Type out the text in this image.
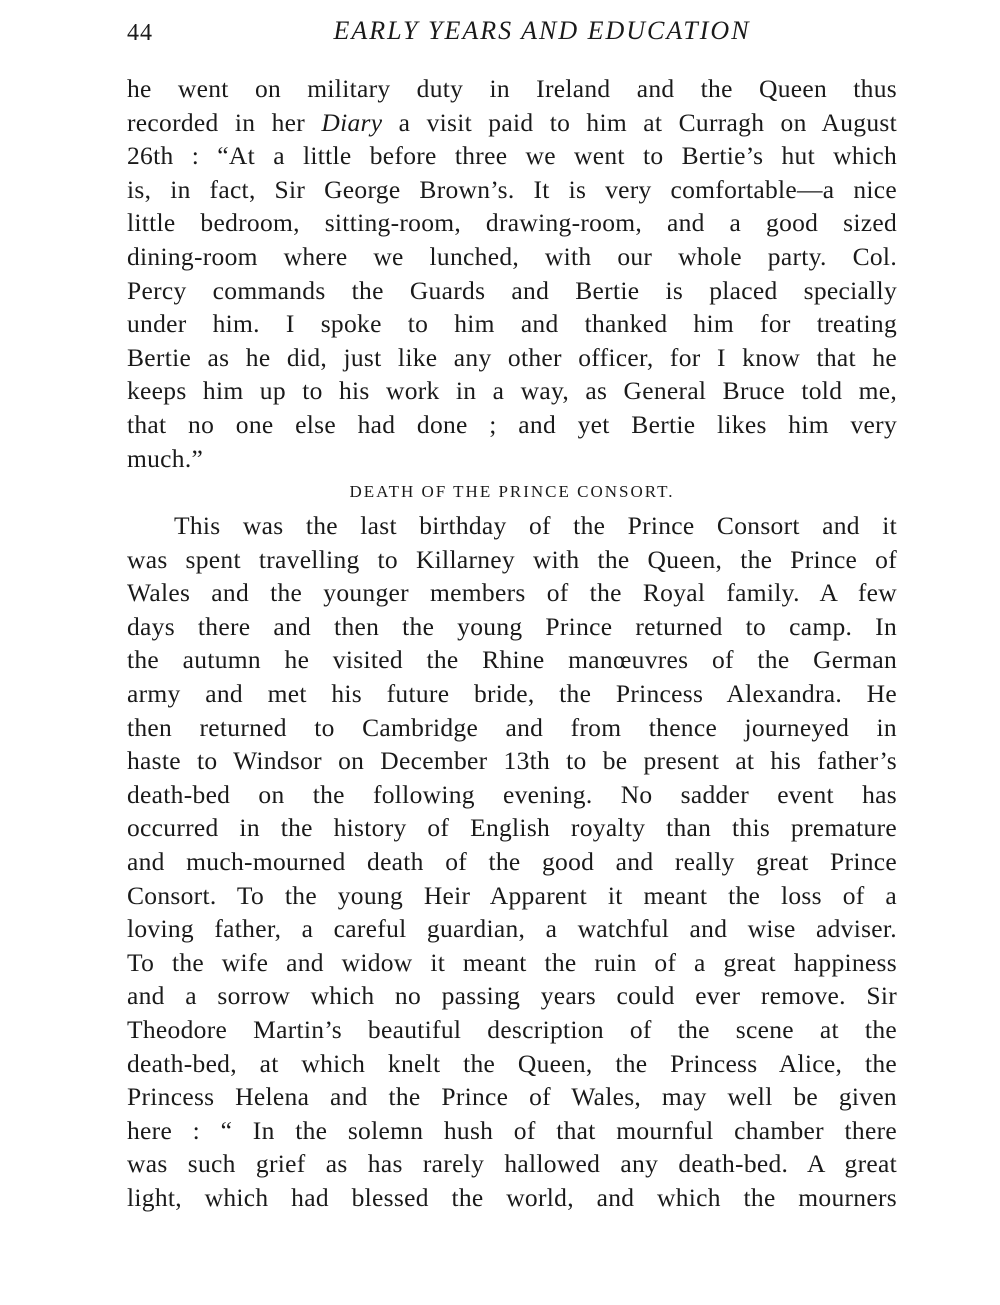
44	EARLY YEARS AND EDUCATION
he went on military duty in Ireland and the Queen thus
recorded in her Diary a visit paid to him at Curragh on August
26th : “At a little before three we went to Bertie’s hut which
is, in fact, Sir George Brown’s. It is very comfortable—a nice
little bedroom, sitting-room, drawing-room, and a good sized
dining-room where we lunched, with our whole party. Col.
Percy commands the Guards and Bertie is placed specially
under him. I spoke to him and thanked him for treating
Bertie as he did, just like any other officer, for I know that he
keeps him up to his work in a way, as General Bruce told me,
that no one else had done ; and yet Bertie likes him very
much.”
DEATH OF THE PRINCE CONSORT.
This was the last birthday of the Prince Consort and it
was spent travelling to Killarney with the Queen, the Prince of
Wales and the younger members of the Royal family. A few
days there and then the young Prince returned to camp. In
the autumn he visited the Rhine manœuvres of the German
army and met his future bride, the Princess Alexandra. He
then returned to Cambridge and from thence journeyed in
haste to Windsor on December 13th to be present at his father’s
death-bed on the following evening. No sadder event has
occurred in the history of English royalty than this premature
and much-mourned death of the good and really great Prince
Consort. To the young Heir Apparent it meant the loss of a
loving father, a careful guardian, a watchful and wise adviser.
To the wife and widow it meant the ruin of a great happiness
and a sorrow which no passing years could ever remove. Sir
Theodore Martin’s beautiful description of the scene at the
death-bed, at which knelt the Queen, the Princess Alice, the
Princess Helena and the Prince of Wales, may well be given
here : “ In the solemn hush of that mournful chamber there
was such grief as has rarely hallowed any death-bed. A great
light, which had blessed the world, and which the mourners
